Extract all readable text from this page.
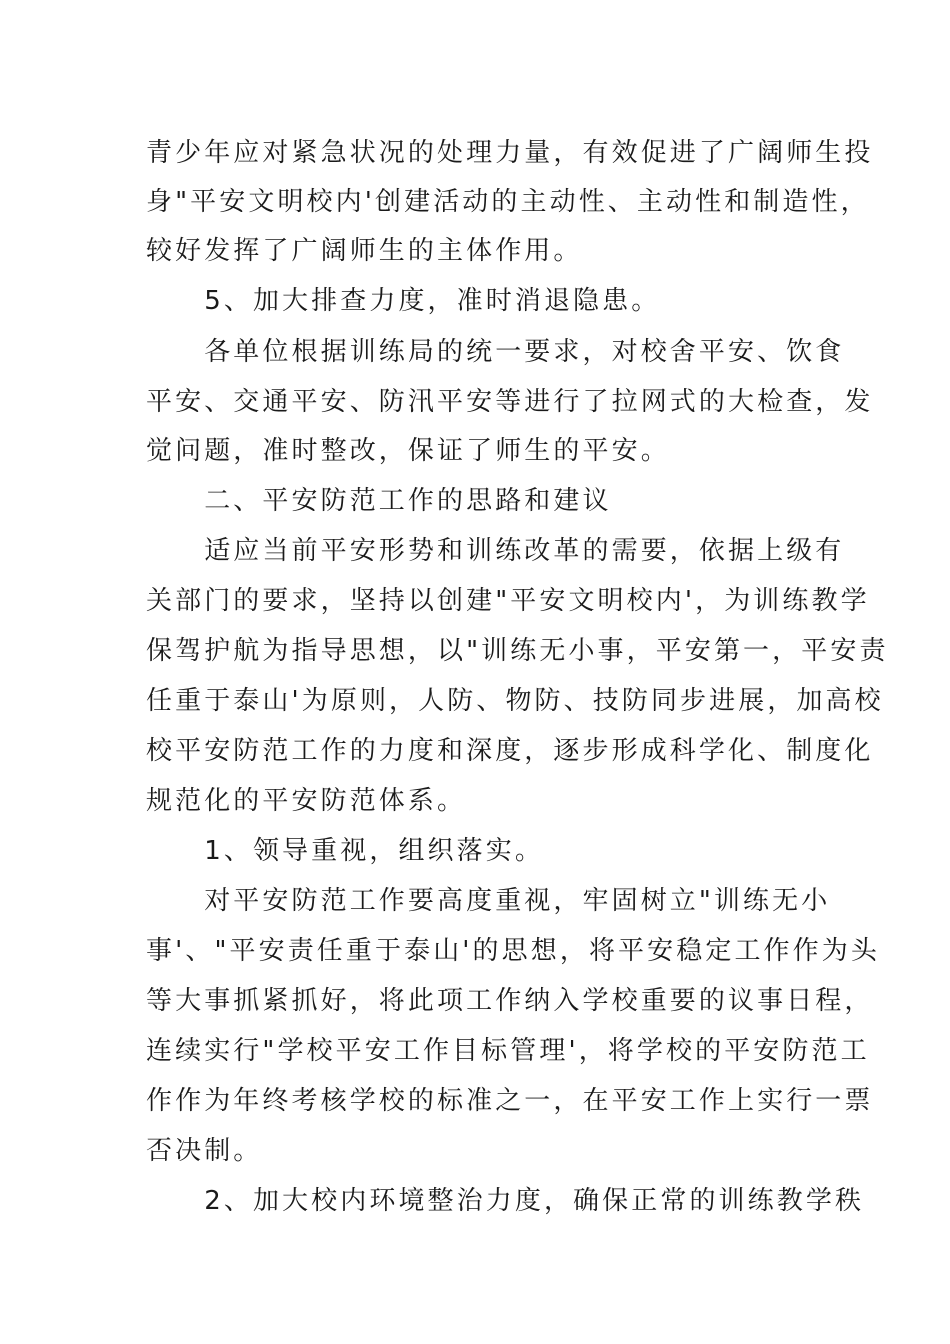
青少年应对紧急状况的处理力量，有效促进了广阔师生投
身"平安文明校内'创建活动的主动性、主动性和制造性，
较好发挥了广阔师生的主体作用。
　　5、加大排查力度，准时消退隐患。
　　各单位根据训练局的统一要求，对校舍平安、饮食
平安、交通平安、防汛平安等进行了拉网式的大检查，发
觉问题，准时整改，保证了师生的平安。
　　二、平安防范工作的思路和建议
　　适应当前平安形势和训练改革的需要，依据上级有
关部门的要求，坚持以创建"平安文明校内'，为训练教学
保驾护航为指导思想，以"训练无小事，平安第一，平安责
任重于泰山'为原则，人防、物防、技防同步进展，加高校
校平安防范工作的力度和深度，逐步形成科学化、制度化
规范化的平安防范体系。
　　1、领导重视，组织落实。
　　对平安防范工作要高度重视，牢固树立"训练无小
事'、"平安责任重于泰山'的思想，将平安稳定工作作为头
等大事抓紧抓好，将此项工作纳入学校重要的议事日程，
连续实行"学校平安工作目标管理'，将学校的平安防范工
作作为年终考核学校的标准之一，在平安工作上实行一票
否决制。
　　2、加大校内环境整治力度，确保正常的训练教学秩
